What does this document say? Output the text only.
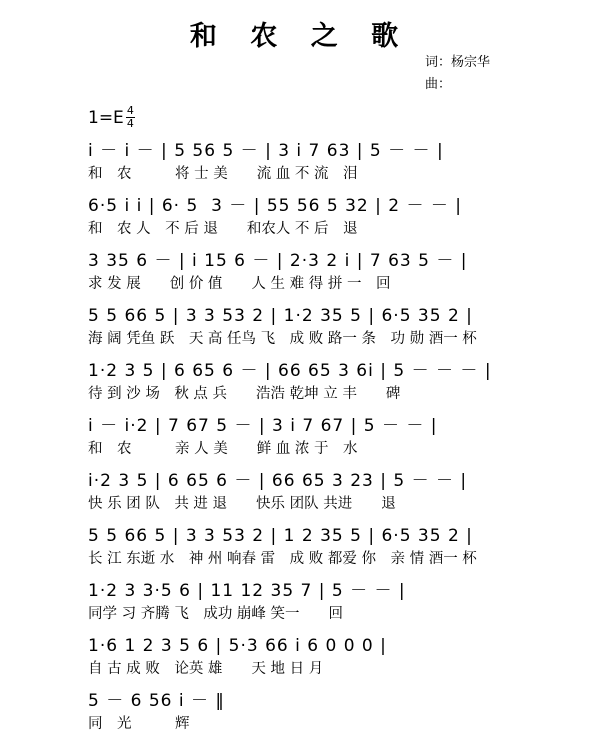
和 农 之 歌
词：杨宗华
曲：
$1=E \frac{4}{4}$
i － i － | 5 56 5 － | 3 i 7 63 | 5 － － |
和　农　　　将 士 美　　流 血 不 流　泪
6·5 i i | 6· 5  3 － | 55 56 5 32 | 2 － － |
和　农 人　不 后 退　　和农人 不 后　退
3 35 6 － | i 15 6 － | 2·3 2 i | 7 63 5 － |
求 发 展　　创 价 值　　人 生 难 得 拼 一　回
5 5 66 5 | 3 3 53 2 | 1·2 35 5 | 6·5 35 2 |
海 阔 凭鱼 跃　天 高 任鸟 飞　成 败 路一 条　功 勋 酒一 杯
1·2 3 5 | 6 65 6 － | 66 65 3 6i | 5 － － － |
待 到 沙 场　秋 点 兵　　浩浩 乾坤 立 丰　　碑
i － i·2 | 7 67 5 － | 3 i 7 67 | 5 － － |
和　农　　　亲 人 美　　鲜 血 浓 于　水
i·2 3 5 | 6 65 6 － | 66 65 3 23 | 5 － － |
快 乐 团 队　共 进 退　　快乐 团队 共进　　退
5 5 66 5 | 3 3 53 2 | 1 2 35 5 | 6·5 35 2 |
长 江 东逝 水　神 州 响春 雷　成 败 都爱 你　亲 情 酒一 杯
1·2 3 3·5 6 | 11 12 35 7 | 5 － － |
同学 习 齐腾 飞　成功 崩峰 笑一　　回
1·6 1 2 3 5 6 | 5·3 66 i 6 0 0 0 |
自 古 成 败　论英 雄　　天 地 日 月
5 － 6 56 i － ‖
同　光　　　辉
